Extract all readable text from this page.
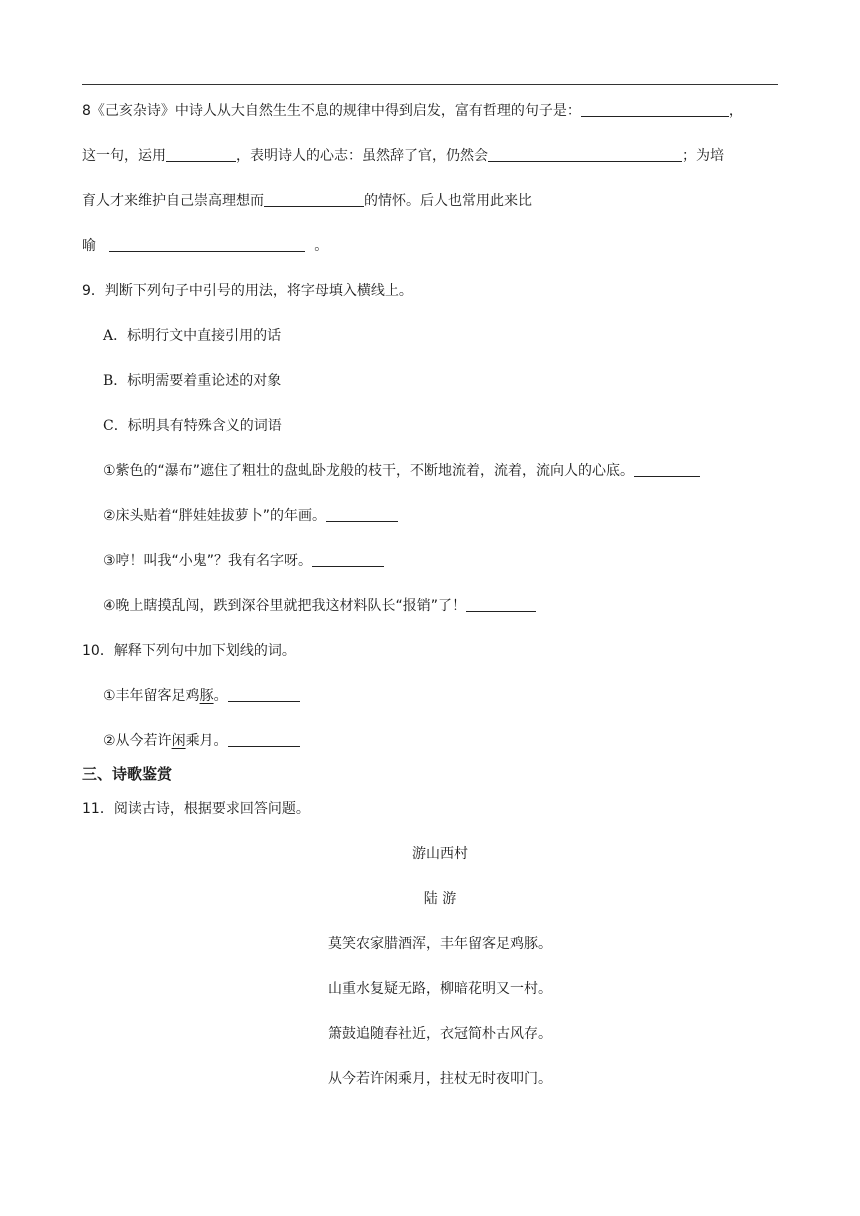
8《己亥杂诗》中诗人从大自然生生不息的规律中得到启发，富有哲理的句子是：	，
这一句，运用	，表明诗人的心志：虽然辞了官，仍然会	；为培
育人才来维护自己崇高理想而	的情怀。后人也常用此来比
喻	。
9．判断下列句子中引号的用法，将字母填入横线上。
A．标明行文中直接引用的话
B．标明需要着重论述的对象
C．标明具有特殊含义的词语
①紫色的“瀑布”遮住了粗壮的盘虬卧龙般的枝干，不断地流着，流着，流向人的心底。
②床头贴着“胖娃娃拔萝卜”的年画。
③哼！叫我“小鬼”？我有名字呀。
④晚上瞎摸乱闯，跌到深谷里就把我这材料队长“报销”了！
10．解释下列句中加下划线的词。
①丰年留客足鸡豚。
②从今若许闲乘月。
三、诗歌鉴赏
11．阅读古诗，根据要求回答问题。
游山西村
陆 游
莫笑农家腊酒浑，丰年留客足鸡豚。
山重水复疑无路，柳暗花明又一村。
箫鼓追随春社近，衣冠简朴古风存。
从今若许闲乘月，拄杖无时夜叩门。
